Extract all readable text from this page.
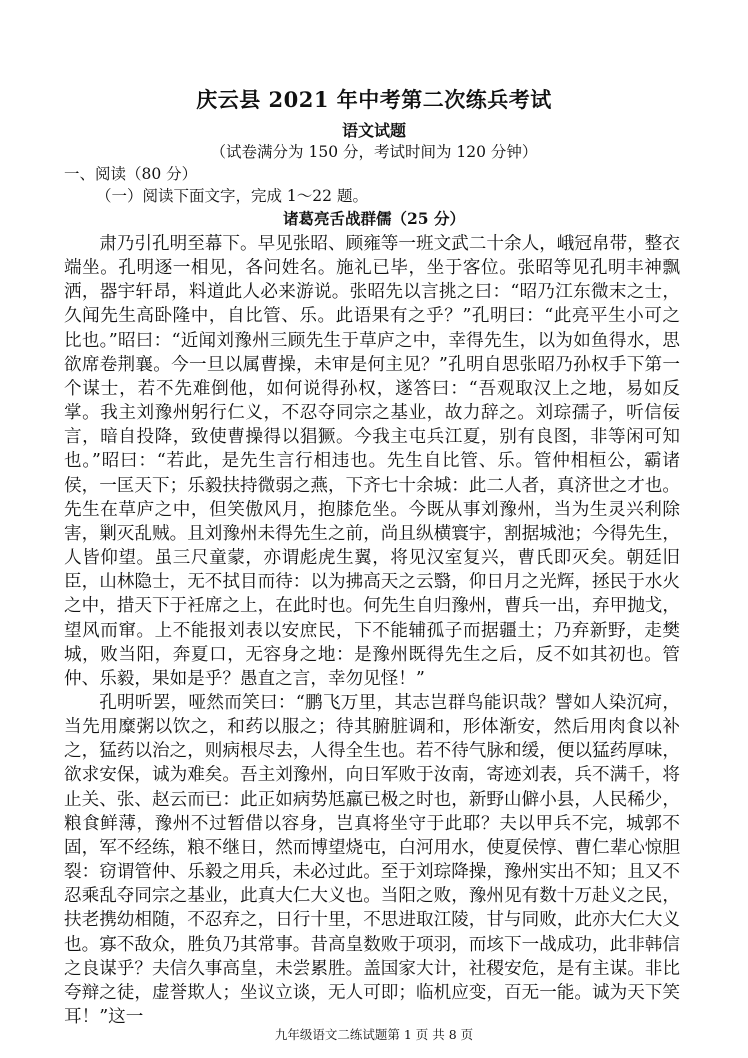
庆云县 2021 年中考第二次练兵考试
语文试题
（试卷满分为 150 分，考试时间为 120 分钟）
一、阅读（80 分）
（一）阅读下面文字，完成 1～22 题。
诸葛亮舌战群儒（25 分）

肃乃引孔明至幕下。早见张昭、顾雍等一班文武二十余人，峨冠帛带，整衣端坐。孔明逐一相见，各问姓名。施礼已毕，坐于客位。张昭等见孔明丰神飘洒，器宇轩昂，料道此人必来游说。张昭先以言挑之曰：“昭乃江东微末之士，久闻先生高卧隆中，自比管、乐。此语果有之乎？”孔明曰：“此亮平生小可之比也。”昭曰：“近闻刘豫州三顾先生于草庐之中，幸得先生，以为如鱼得水，思欲席卷荆襄。今一旦以属曹操，未审是何主见？”孔明自思张昭乃孙权手下第一个谋士，若不先难倒他，如何说得孙权，遂答曰：“吾观取汉上之地，易如反掌。我主刘豫州躬行仁义，不忍夺同宗之基业，故力辞之。刘琮孺子，听信佞言，暗自投降，致使曹操得以猖獗。今我主屯兵江夏，别有良图，非等闲可知也。”昭曰：“若此，是先生言行相违也。先生自比管、乐。管仲相桓公，霸诸侯，一匡天下；乐毅扶持微弱之燕，下齐七十余城：此二人者，真济世之才也。先生在草庐之中，但笑傲风月，抱膝危坐。今既从事刘豫州，当为生灵兴利除害，剿灭乱贼。且刘豫州未得先生之前，尚且纵横寰宇，割据城池；今得先生，人皆仰望。虽三尺童蒙，亦谓彪虎生翼，将见汉室复兴，曹氏即灭矣。朝廷旧臣，山林隐士，无不拭目而待：以为拂高天之云翳，仰日月之光辉，拯民于水火之中，措天下于衽席之上，在此时也。何先生自归豫州，曹兵一出，弃甲抛戈，望风而窜。上不能报刘表以安庶民，下不能辅孤子而据疆土；乃弃新野，走樊城，败当阳，奔夏口，无容身之地：是豫州既得先生之后，反不如其初也。管仲、乐毅，果如是乎？愚直之言，幸勿见怪！”

孔明听罢，哑然而笑曰：“鹏飞万里，其志岂群鸟能识哉？譬如人染沉疴，当先用糜粥以饮之，和药以服之；待其腑脏调和，形体渐安，然后用肉食以补之，猛药以治之，则病根尽去，人得全生也。若不待气脉和缓，便以猛药厚味，欲求安保，诚为难矣。吾主刘豫州，向日军败于汝南，寄迹刘表，兵不满千，将止关、张、赵云而已：此正如病势尪羸已极之时也，新野山僻小县，人民稀少，粮食鲜薄，豫州不过暂借以容身，岂真将坐守于此耶？夫以甲兵不完，城郭不固，军不经练，粮不继日，然而博望烧屯，白河用水，使夏侯惇、曹仁辈心惊胆裂：窃谓管仲、乐毅之用兵，未必过此。至于刘琮降操，豫州实出不知；且又不忍乘乱夺同宗之基业，此真大仁大义也。当阳之败，豫州见有数十万赴义之民，扶老携幼相随，不忍弃之，日行十里，不思进取江陵，甘与同败，此亦大仁大义也。寡不敌众，胜负乃其常事。昔高皇数败于项羽，而垓下一战成功，此非韩信之良谋乎？夫信久事高皇，未尝累胜。盖国家大计，社稷安危，是有主谋。非比夸辩之徒，虚誉欺人；坐议立谈，无人可即；临机应变，百无一能。诚为天下笑耳！”这一

九年级语文二练试题第 1 页 共 8 页
